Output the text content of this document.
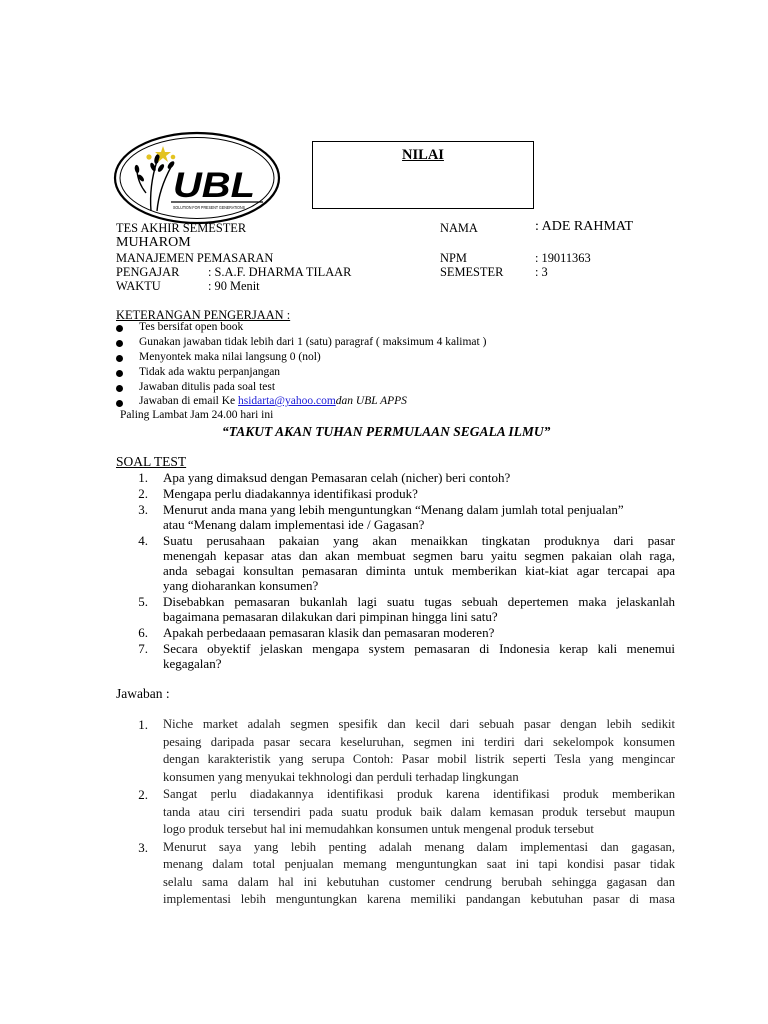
UBL
SOLUTION FOR PRESENT GENERATIONS
NILAI
TES AKHIR SEMESTER	NAMA	: ADE RAHMAT
MUHAROM
MANAJEMEN PEMASARAN	NPM	: 19011363
PENGAJAR : S.A.F. DHARMA TILAAR	SEMESTER	: 3
WAKTU	: 90 Menit
KETERANGAN PENGERJAAN :
Tes bersifat open book
Gunakan jawaban tidak lebih dari 1 (satu) paragraf ( maksimum 4 kalimat )
Menyontek maka nilai langsung 0 (nol)
Tidak ada waktu perpanjangan
Jawaban ditulis pada soal test
Jawaban di email Ke hsidarta@yahoo.comdan UBL APPS
Paling Lambat Jam 24.00 hari ini
“TAKUT AKAN TUHAN PERMULAAN SEGALA ILMU”
SOAL TEST
1.
2.
3.
4.
5.
6.
7.
Apa yang dimaksud dengan Pemasaran celah (nicher) beri contoh?
Mengapa perlu diadakannya identifikasi produk?
Menurut anda mana yang lebih menguntungkan “Menang dalam jumlah total penjualan”
atau “Menang dalam implementasi ide / Gagasan?
Suatu perusahaan pakaian yang akan menaikkan tingkatan produknya dari pasar
menengah kepasar atas dan akan membuat segmen baru yaitu segmen pakaian olah raga,
anda sebagai konsultan pemasaran diminta untuk memberikan kiat-kiat agar tercapai apa
yang dioharankan konsumen?
Disebabkan pemasaran bukanlah lagi suatu tugas sebuah depertemen maka jelaskanlah
bagaimana pemasaran dilakukan dari pimpinan hingga lini satu?
Apakah perbedaaan pemasaran klasik dan pemasaran moderen?
Secara obyektif jelaskan mengapa system pemasaran di Indonesia kerap kali menemui
kegagalan?
Jawaban :
1.
2.
3.
Niche market adalah segmen spesifik dan kecil dari sebuah pasar dengan lebih sedikit
pesaing daripada pasar secara keseluruhan, segmen ini terdiri dari sekelompok konsumen
dengan karakteristik yang serupa Contoh: Pasar mobil listrik seperti Tesla yang mengincar
konsumen yang menyukai tekhnologi dan perduli terhadap lingkungan
Sangat perlu diadakannya identifikasi produk karena identifikasi produk memberikan
tanda atau ciri tersendiri pada suatu produk baik dalam kemasan produk tersebut maupun
logo produk tersebut hal ini memudahkan konsumen untuk mengenal produk tersebut
Menurut saya yang lebih penting adalah menang dalam implementasi dan gagasan,
menang dalam total penjualan memang menguntungkan saat ini tapi kondisi pasar tidak
selalu sama dalam hal ini kebutuhan customer cendrung berubah sehingga gagasan dan
implementasi lebih menguntungkan karena memiliki pandangan kebutuhan pasar di masa
